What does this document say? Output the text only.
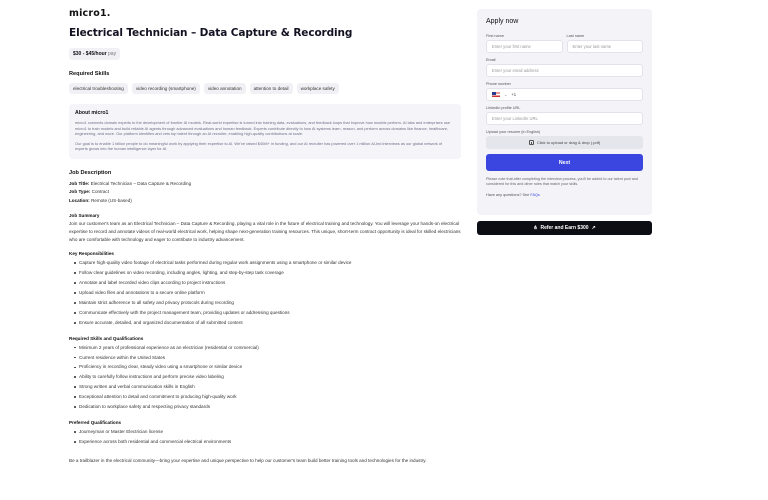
micro1.
Electrical Technician – Data Capture & Recording
$30 - $45/hour pay
Required Skills
electrical troubleshooting	video recording (smartphone)	video annotation	attention to detail	workplace safety
About micro1

micro1 connects domain experts to the development of frontier AI models. Real-world expertise is turned into training data, evaluations, and feedback loops that improve how models perform. AI labs and enterprises use micro1 to train models and build reliable AI agents through advanced evaluations and human feedback. Experts contribute directly to how AI systems learn, reason, and perform across domains like finance, healthcare, engineering, and more. Our platform identifies and vets top talent through an AI recruiter, enabling high-quality contributions at scale.

Our goal is to enable 1 billion people to do meaningful work by applying their expertise to AI. We've raised $40M+ in funding, and our AI recruiter has powered over 1 million AI-led interviews as our global network of experts grows into the human intelligence layer for AI.

Job Description
Job Title: Electrical Technician – Data Capture & Recording
Job Type: Contract
Location: Remote (US-based)
Job Summary

Join our customer's team as an Electrical Technician – Data Capture & Recording, playing a vital role in the future of electrical training and technology. You will leverage your hands-on electrical expertise to record and annotate videos of real-world electrical work, helping shape next-generation training resources. This unique, short-term contract opportunity is ideal for skilled electricians who are comfortable with technology and eager to contribute to industry advancement.

Key Responsibilities
Capture high-quality video footage of electrical tasks performed during regular work assignments using a smartphone or similar device
Follow clear guidelines on video recording, including angles, lighting, and step-by-step task coverage
Annotate and label recorded video clips according to project instructions
Upload video files and annotations to a secure online platform
Maintain strict adherence to all safety and privacy protocols during recording
Communicate effectively with the project management team, providing updates or addressing questions
Ensure accurate, detailed, and organized documentation of all submitted content
Required Skills and Qualifications
Minimum 2 years of professional experience as an electrician (residential or commercial)
Current residence within the United States
Proficiency in recording clear, steady video using a smartphone or similar device
Ability to carefully follow instructions and perform precise video labeling
Strong written and verbal communication skills in English
Exceptional attention to detail and commitment to producing high-quality work
Dedication to workplace safety and respecting privacy standards
Preferred Qualifications
Journeyman or Master Electrician license
Experience across both residential and commercial electrical environments

Be a trailblazer in the electrical community—bring your expertise and unique perspective to help our customer's team build better training tools and technologies for the industry.

Apply now
First name
Enter your first name
Last name
Enter your last name
Email
Enter your email address
Phone number
⌄ +1
LinkedIn profile URL
Enter your LinkedIn URL
Upload your resume (in English)
Click to upload or drag & drop (.pdf)
Next
Please note that after completing the interview process, you'll be added to our talent pool and considered for this and other roles that match your skills.
Have any questions? See FAQs
⋔ Refer and Earn $300 ↗
